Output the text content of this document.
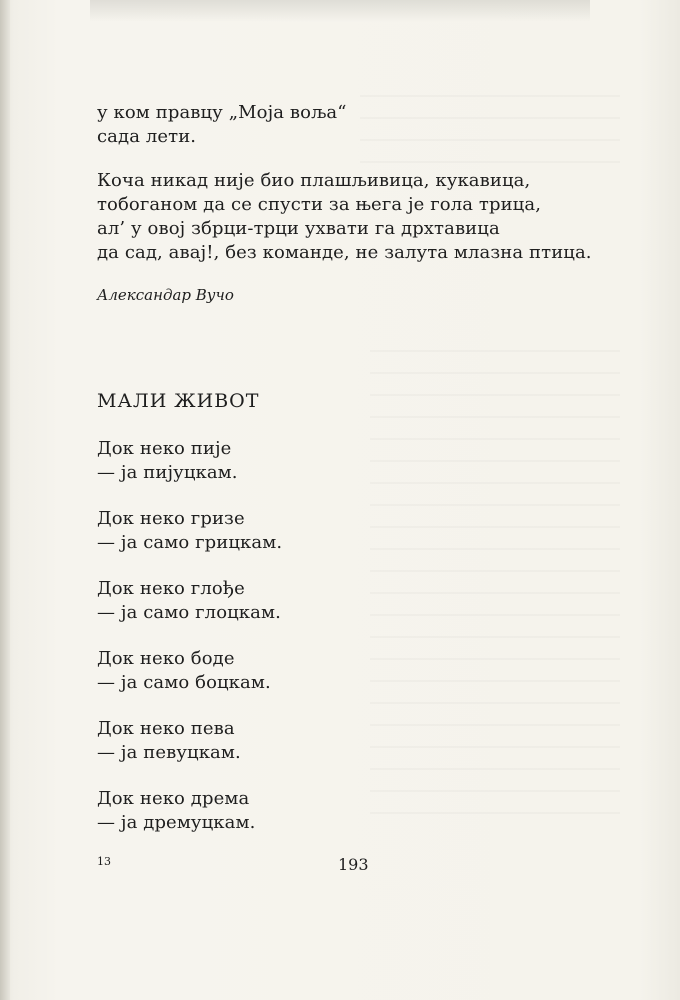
у ком правцу „Моја воља“
сада лети.
Коча никад није био плашљивица, кукавица,
тобоганом да се спусти за њега је гола трица,
ал’ у овој збрци-трци ухвати га дрхтавица
да сад, авај!, без команде, не залута млазна птица.
Александар Вучо
МАЛИ ЖИВОТ
Док неко пије
— ја пијуцкам.
Док неко гризе
— ја само грицкам.
Док неко глође
— ја само глоцкам.
Док неко боде
— ја само боцкам.
Док неко пева
— ја певуцкам.
Док неко дрема
— ја дремуцкам.
13	193
